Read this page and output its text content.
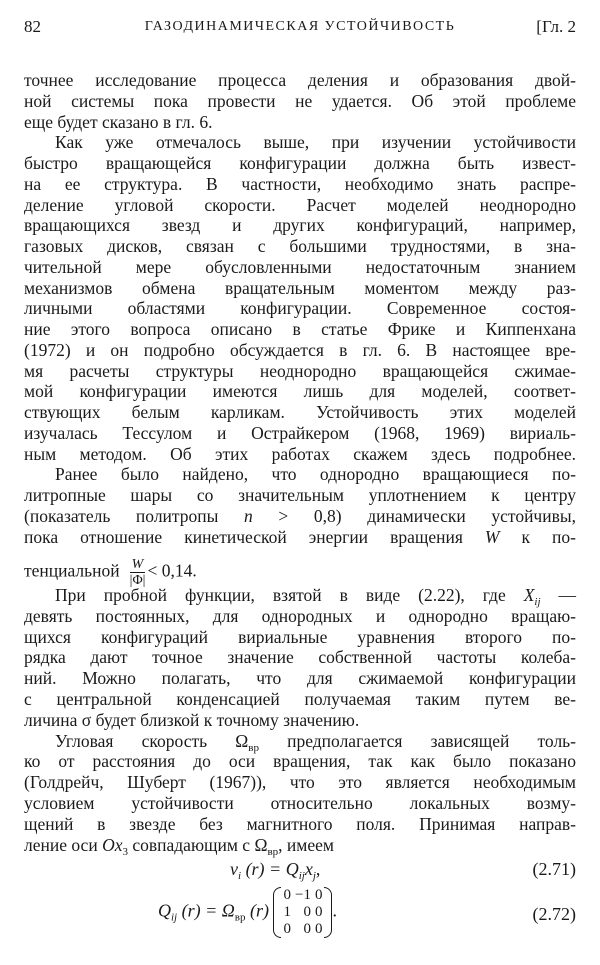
82	ГАЗОДИНАМИЧЕСКАЯ УСТОЙЧИВОСТЬ	[Гл. 2
точнее исследование процесса деления и образования двой-
ной системы пока провести не удается. Об этой проблеме
еще будет сказано в гл. 6.
Как уже отмечалось выше, при изучении устойчивости
быстро вращающейся конфигурации должна быть извест-
на ее структура. В частности, необходимо знать распре-
деление угловой скорости. Расчет моделей неоднородно
вращающихся звезд и других конфигураций, например,
газовых дисков, связан с большими трудностями, в зна-
чительной мере обусловленными недостаточным знанием
механизмов обмена вращательным моментом между раз-
личными областями конфигурации. Современное состоя-
ние этого вопроса описано в статье Фрике и Киппенхана
(1972) и он подробно обсуждается в гл. 6. В настоящее вре-
мя расчеты структуры неоднородно вращающейся сжимае-
мой конфигурации имеются лишь для моделей, соответ-
ствующих белым карликам. Устойчивость этих моделей
изучалась Тессулом и Острайкером (1968, 1969) вириаль-
ным методом. Об этих работах скажем здесь подробнее.
Ранее было найдено, что однородно вращающиеся по-
литропные шары со значительным уплотнением к центру
(показатель политропы n > 0,8) динамически устойчивы,
пока отношение кинетической энергии вращения W к по-
При пробной функции, взятой в виде (2.22), где $X_{ij}$ —
девять постоянных, для однородных и однородно вращаю-
щихся конфигураций вириальные уравнения второго по-
рядка дают точное значение собственной частоты колеба-
ний. Можно полагать, что для сжимаемой конфигурации
с центральной конденсацией получаемая таким путем ве-
личина σ будет близкой к точному значению.
Угловая скорость $\Omega_{вр}$ предполагается зависящей толь-
ко от расстояния до оси вращения, так как было показано
(Голдрейч, Шуберт (1967)), что это является необходимым
условием устойчивости относительно локальных возму-
щений в звезде без магнитного поля. Принимая направ-
ление оси $Ox_3$ совпадающим с $\Omega_{вр}$, имеем
тенциальной $\frac{W}{|\Phi|} < 0,14$.
$v_i$ $(r) = Q_{ij}x_j$,	(2.71)
$Q_{ij}$ $(r) = \Omega_{вр}$ (r)
0	−1	0
1	0	0
0	0	0
.	(2.72)
